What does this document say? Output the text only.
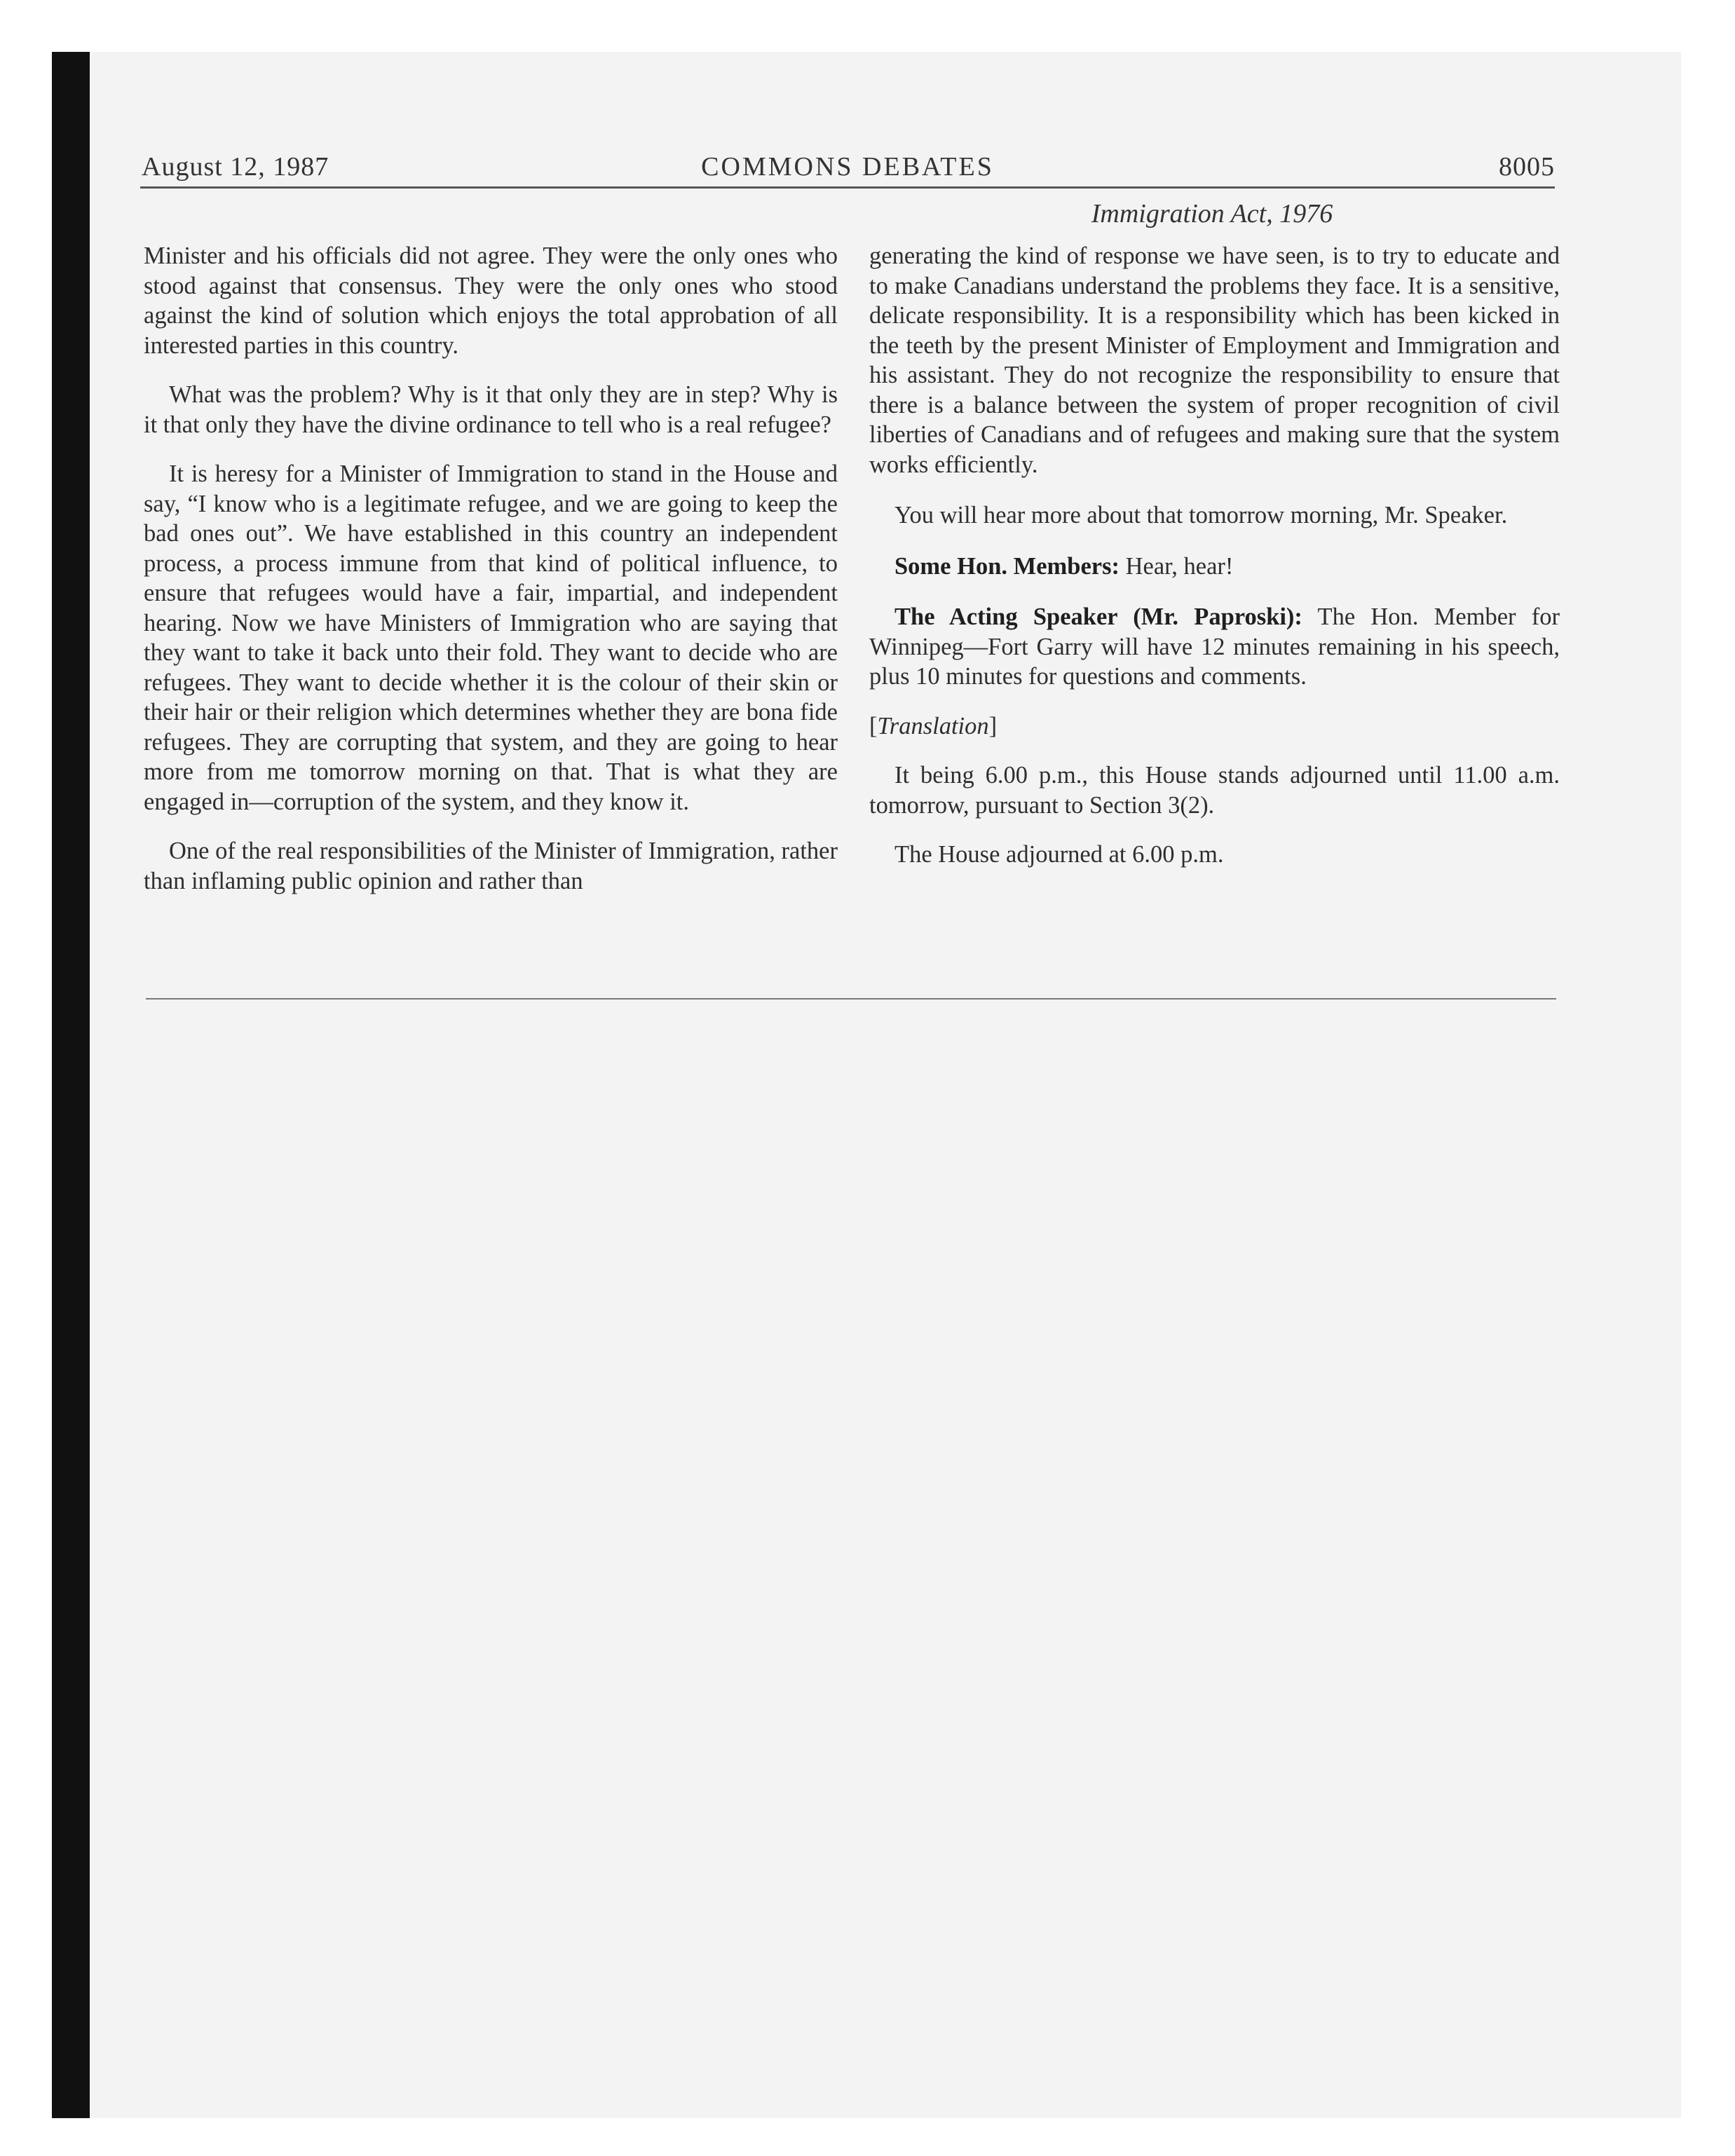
August 12, 1987	COMMONS DEBATES	8005
Immigration Act, 1976

Minister and his officials did not agree. They were the only ones who stood against that consensus. They were the only ones who stood against the kind of solution which enjoys the total approbation of all interested parties in this country.

What was the problem? Why is it that only they are in step? Why is it that only they have the divine ordinance to tell who is a real refugee?

It is heresy for a Minister of Immigration to stand in the House and say, “I know who is a legitimate refugee, and we are going to keep the bad ones out”. We have established in this country an independent process, a process immune from that kind of political influence, to ensure that refugees would have a fair, impartial, and independent hearing. Now we have Ministers of Immigration who are saying that they want to take it back unto their fold. They want to decide who are refugees. They want to decide whether it is the colour of their skin or their hair or their religion which determines whether they are bona fide refugees. They are corrupting that system, and they are going to hear more from me tomorrow morning on that. That is what they are engaged in—corruption of the system, and they know it.

One of the real responsibilities of the Minister of Immigration, rather than inflaming public opinion and rather than

generating the kind of response we have seen, is to try to educate and to make Canadians understand the problems they face. It is a sensitive, delicate responsibility. It is a responsibility which has been kicked in the teeth by the present Minister of Employment and Immigration and his assistant. They do not recognize the responsibility to ensure that there is a balance between the system of proper recognition of civil liberties of Canadians and of refugees and making sure that the system works efficiently.

You will hear more about that tomorrow morning, Mr. Speaker.

Some Hon. Members: Hear, hear!

The Acting Speaker (Mr. Paproski): The Hon. Member for Winnipeg—Fort Garry will have 12 minutes remaining in his speech, plus 10 minutes for questions and comments.

[Translation]

It being 6.00 p.m., this House stands adjourned until 11.00 a.m. tomorrow, pursuant to Section 3(2).

The House adjourned at 6.00 p.m.
